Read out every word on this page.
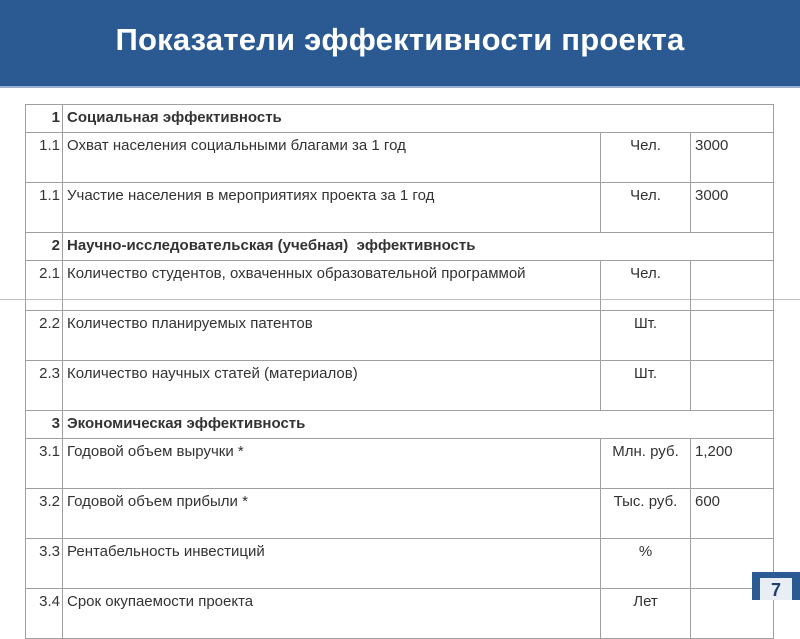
Показатели эффективности проекта
1	Социальная эффективность		
1.1	Охват населения социальными благами за 1 год	Чел.	3000
1.1	Участие населения в мероприятиях проекта за 1 год	Чел.	3000
2	Научно-исследовательская (учебная)  эффективность		
2.1	Количество студентов, охваченных образовательной программой	Чел.	
2.2	Количество планируемых патентов	Шт.	
2.3	Количество научных статей (материалов)	Шт.	
3	Экономическая эффективность		
3.1	Годовой объем выручки *	Млн. руб.	1,200
3.2	Годовой объем прибыли *	Тыс. руб.	600
3.3	Рентабельность инвестиций	%	
3.4	Срок окупаемости проекта	Лет	
7
